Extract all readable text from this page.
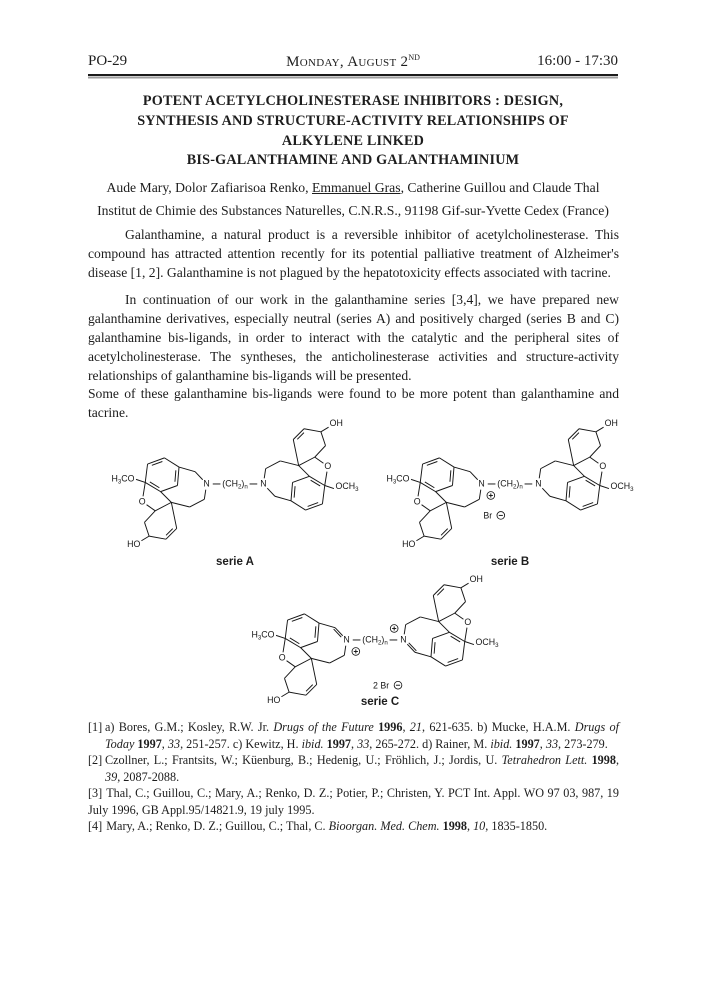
PO-29	Monday, August 2ND	16:00 - 17:30
POTENT ACETYLCHOLINESTERASE INHIBITORS : DESIGN,
SYNTHESIS AND STRUCTURE-ACTIVITY RELATIONSHIPS OF
ALKYLENE LINKED
BIS-GALANTHAMINE AND GALANTHAMINIUM
Aude Mary, Dolor Zafiarisoa Renko, Emmanuel Gras, Catherine Guillou and Claude Thal
Institut de Chimie des Substances Naturelles, C.N.R.S., 91198 Gif-sur-Yvette Cedex (France)

Galanthamine, a natural product is a reversible inhibitor of acetylcholinesterase. This compound has attracted attention recently for its potential palliative treatment of Alzheimer's disease [1, 2]. Galanthamine is not plagued by the hepatotoxicity effects associated with tacrine.

In continuation of our work in the galanthamine series [3,4], we have prepared new galanthamine derivatives, especially neutral (series A) and positively charged (series B and C) galanthamine bis-ligands, in order to interact with the catalytic and the peripheral sites of acetylcholinesterase. The syntheses, the anticholinesterase activities and structure-activity relationships of galanthamine bis-ligands will be presented.

Some of these galanthamine bis-ligands were found to be more potent than galanthamine and tacrine.

$H_3CO$
O
N
HO
$(CH_2)_n$	$OCH_3$
O
N
OH
serie A
$H_3CO$
O
N
HO
$(CH_2)_n$	$OCH_3$
O
N
OH
Br
serie B
$H_3CO$
O
N
HO
$(CH_2)_n$	$OCH_3$
O
N
OH
2 Br
serie C
[1] a) Bores, G.M.; Kosley, R.W. Jr. Drugs of the Future 1996, 21, 621-635. b) Mucke, H.A.M. Drugs of Today 1997, 33, 251-257. c) Kewitz, H. ibid. 1997, 33, 265-272. d) Rainer, M. ibid. 1997, 33, 273-279.
[2] Czollner, L.; Frantsits, W.; Küenburg, B.; Hedenig, U.; Fröhlich, J.; Jordis, U. Tetrahedron Lett. 1998, 39, 2087-2088.
[3] Thal, C.; Guillou, C.; Mary, A.; Renko, D. Z.; Potier, P.; Christen, Y. PCT Int. Appl. WO 97 03, 987, 19 July 1996, GB Appl.95/14821.9, 19 july 1995.
[4] Mary, A.; Renko, D. Z.; Guillou, C.; Thal, C. Bioorgan. Med. Chem. 1998, 10, 1835-1850.
